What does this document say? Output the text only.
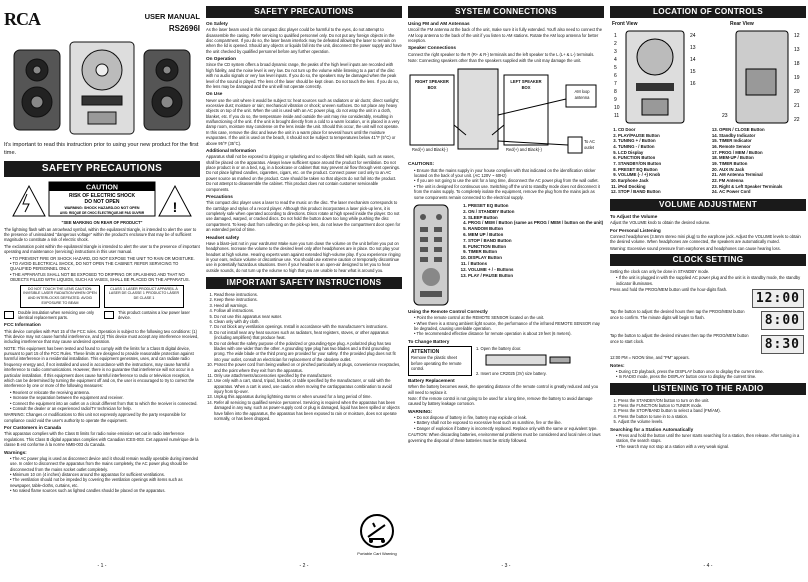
RCA	USER MANUAL
RS2696I

It's important to read this instruction prior to using your new product for the first time.

SAFETY PRECAUTIONS
!
CAUTION
RISK OF ELECTRIC SHOCK
DO NOT OPEN
WARNING: SHOCK HAZARD-DO NOT OPEN
AVIS: RISQUE DE CHOC ÉLECTRIQUE-NE PAS OUVRIR

"SEE MARKING ON REAR OF PRODUCT"

The lightning flash with an arrowhead symbol, within the equilateral triangle, is intended to alert the user to the presence of uninsulated "dangerous voltage" within the product's enclosure that may be of sufficient magnitude to constitute a risk of electric shock.

The exclamation point within the equilateral triangle is intended to alert the user to the presence of important operating and maintenance (servicing) instructions in this user manual.

• TO PREVENT FIRE OR SHOCK HAZARD, DO NOT EXPOSE THE UNIT TO RAIN OR MOISTURE.
• TO AVOID ELECTRICAL SHOCK, DO NOT OPEN THE CABINET. REFER SERVICING TO QUALIFIED PERSONNEL ONLY.
• THE APPARATUS SHALL NOT BE EXPOSED TO DRIPPING OR SPLASHING AND THAT NO OBJECTS FILLED WITH LIQUIDS, SUCH AS VASES, SHALL BE PLACED ON THE APPARATUS.
DO NOT TOUCH THE LENS CAUTION: INVISIBLE LASER RADIATION WHEN OPEN AND INTERLOCKS DEFEATED. AVOID EXPOSURE TO BEAM
CLASS 1 LASER PRODUCT APPAREIL À LASER DE CLASSE 1 PRODUCTO LÁSER DE CLASE 1
Double insulation when servicing use only identical replacement parts.
This product contains a low power laser device.
FCC Information

This device complies with Part 15 of the FCC rules. Operation is subject to the following two conditions: (1) This device may not cause harmful interference, and (2) This device must accept any interference received, including interference that may cause undesired operation.

NOTE: This equipment has been tested and found to comply with the limits for a Class B digital device, pursuant to part 15 of the FCC Rules. These limits are designed to provide reasonable protection against harmful interference in a residential installation. This equipment generates, uses, and can radiate radio frequency energy and, if not installed and used in accordance with the instructions, may cause harmful interference to radio communications. However, there is no guarantee that interference will not occur in a particular installation. If this equipment does cause harmful interference to radio or television reception, which can be determined by turning the equipment off and on, the user is encouraged to try to correct the interference by one or more of the following measures:

• Reorient or relocate the receiving antenna.
• Increase the separation between the equipment and receiver.
• Connect the equipment into an outlet on a circuit different from that to which the receiver is connected.
• Consult the dealer or an experienced radio/TV technician for help.

WARNING: Changes or modifications to this unit not expressly approved by the party responsible for compliance could void the user's authority to operate the equipment.

For Customers in Canada

This apparatus complies with the Class B limits for radio noise emission set out in radio interference regulations. This Class B digital apparatus complies with Canadian ICES-003. Cet appareil numérique de la classe B est conforme à la norme NMB-003 du Canada.

Warnings:
• The AC power plug is used as disconnect device and it should remain readily operable during intended use. In order to disconnect the apparatus from the mains completely, the AC power plug should be disconnected from the mains socket outlet completely.
• Minimum 10 cm (4 inches) distances around the apparatus for sufficient ventilations.
• The ventilation should not be impeded by covering the ventilation openings with items such as newspaper, table-cloths, curtains, etc.
• No naked flame sources such as lighted candles should be placed on the apparatus.
- 1 -
SAFETY PRECAUTIONS
On Safety

As the laser beam used in this compact disc player could be harmful to the eyes, do not attempt to disassemble the casing. Refer servicing to qualified personnel only. Do not put any foreign objects in the disc compartment. If you do so, the laser beam interlock may be defeated allowing the laser to remain on when the lid is opened. Should any objects or liquids fall into the unit, disconnect the power supply and have the unit checked by qualified personnel before any further operation.

On Operation

Since the CD system offers a broad dynamic range, the peaks of the high level inputs are recorded with high fidelity, and the noise level is very low. Do not turn up the volume while listening to a part of the disc with no audio signals or very low level inputs. If you do so, the speakers may be damaged when the peak level of the sound is played. The lens of the laser should be kept clean. Do not touch the lens. If you do so, the lens may be damaged and the unit will not operate correctly.

On Use

Never use the unit where it would be subject to: heat sources such as radiators or air ducts; direct sunlight; excessive dust; moisture or rain; mechanical vibration or shock; uneven surfaces. Do not place any heavy objects on top of the unit. When the unit is used with an AC power plug, do not wrap the unit in a cloth, blanket, etc. If you do so, the temperature inside and outside the unit may rise considerably, resulting in malfunctioning of the unit. If the unit is brought directly from a cold to a warm location, or is placed in a very damp room, moisture may condense on the lens inside the unit. Should this occur, the unit will not operate. In this case, remove the disc and leave the unit in a warm place for several hours until the moisture evaporates. If the unit is used on the beach, it should not be subject to temperatures below 41°F (5°C) or above 95°F (35°C).

Additional Information

Apparatus shall not be exposed to dripping or splashing and no objects filled with liquids, such as vases, shall be placed on the apparatus. Always leave sufficient space around the product for ventilation. Do not place product in or on a bed, rug, in a bookcase or cabinet that may prevent air flow through vent openings. Do not place lighted candles, cigarettes, cigars, etc. on the product. Connect power cord only to an AC power source as marked on the product. Care should be taken so that objects do not fall into the product. Do not attempt to disassemble the cabinet. This product does not contain customer serviceable components.

Precautions

This compact disc player uses a laser to read the music on the disc. The laser mechanism corresponds to the cartridge and stylus of a record player. Although this product incorporates a laser pick-up lens, it is completely safe when operated according to directions. Discs rotate at high speed inside the player. Do not use damaged, warped, or cracked discs. Do not hold the button down too long while pushing the disc compartment. To keep dust from collecting on the pick-up lens, do not leave the compartment door open for an extended period of time.

Headset safety

Have a blast–just not in your eardrums! Make sure you turn down the volume on the unit before you put on headphones. Increase the volume to the desired level only after headphones are in place. Do not play your headset at high volume. Hearing experts warn against extended high-volume play. If you experience ringing in your ears, reduce volume or discontinue use. You should use extreme caution or temporarily discontinue use in potentially hazardous situations. Even if your headset is an open-air designed to let you to hear outside sounds, do not turn up the volume so high that you are unable to hear what is around you.

IMPORTANT SAFETY INSTRUCTIONS
1. Read these instructions.
2. Keep these instructions.
3. Heed all warnings.
4. Follow all instructions.
5. Do not use this apparatus near water.
6. Clean only with dry cloth.
7. Do not block any ventilation openings. Install in accordance with the manufacturer's instructions.
8. Do not install near any heat sources such as radiators, heat registers, stoves, or other apparatus (including amplifiers) that produce heat.
9. Do not defeat the safety purpose of the polarized or grounding-type plug. A polarized plug has two blades with one wider than the other. A grounding type plug has two blades and a third grounding prong. The wide blade or the third prong are provided for your safety. If the provided plug does not fit into your outlet, consult an electrician for replacement of the obsolete outlet.
10. Protect the power cord from being walked on or pinched particularly at plugs, convenience receptacles, and the point where they exit from the apparatus.
11. Only use attachments/accessories specified by the manufacturer.
12. Use only with a cart, stand, tripod, bracket, or table specified by the manufacturer, or sold with the apparatus. When a cart is used, use caution when moving the cart/apparatus combination to avoid injury from tip-over.
13. Unplug this apparatus during lightning storms or when unused for a long period of time.
14. Refer all servicing to qualified service personnel. Servicing is required when the apparatus has been damaged in any way, such as power-supply cord or plug is damaged, liquid has been spilled or objects have fallen into the apparatus, the apparatus has been exposed to rain or moisture, does not operate normally, or has been dropped.
Portable Cart Warning
- 2 -
SYSTEM CONNECTIONS
Using FM and AM Antennas

Uncoil the FM antenna at the back of the unit, make sure it is fully extended. You'll also need to connect the AM loop antenna to the back of the unit if you listen to AM stations. Rotate the AM loop antenna for better reception.

Speaker Connections

Connect the right speaker to the R (R+ & R-) terminals and the left speaker to the L (L+ & L-) terminals.

Note: Connecting speakers other than the speakers supplied with the unit may damage the unit.

RIGHT SPEAKER BOX
LEFT SPEAKER BOX
AM loop antenna
To AC outlet
Red(+) and Black(-)	Red(+) and Black(-)
CAUTIONS:
• Ensure that the mains supply in your house complies with that indicated on the identification sticker located on the back of your unit. (AC 120V ~ 60Hz)
• If you are not going to use the unit for a long time, disconnect the AC power plug from the wall outlet.
• The unit is designed for continuous use. Switching off the unit to standby mode does not disconnect it from the mains supply. To completely isolate the equipment, remove the plug from the mains jack as some components remain connected to the electrical supply.
1. PRESET EQ Button
2. ON / STANDBY Button
3. SLEEP Button
4. PROG / MEM / Button (same as PROG / MEM / button on the unit)
5. RANDOM Button
6. MEM UP / Button
7. STOP / BAND Button
8. FUNCTION Button
9. TIMER Button
10. DISPLAY Button
11. / Buttons
12. VOLUME + / - Buttons
13. PLAY / PAUSE Button
Using the Remote Control Correctly
• Point the remote control at the REMOTE SENSOR located on the unit.
• When there is a strong ambient light source, the performance of the infrared REMOTE SENSOR may be degraded, causing unreliable operation.
• The recommended effective distance for remote operation is about 19 feet (6 meters).
To Change Battery
ATTENTION
Remove the plastic sheet before operating the remote control.
1. Open the battery door.
2. Insert one CR2025 (3V) size battery.
Battery Replacement

When the battery becomes weak, the operating distance of the remote control is greatly reduced and you will need to replace it.

Note: If the remote control is not going to be used for a long time, remove the battery to avoid damage caused by battery leakage corrosion.

WARNING:
• Do not dispose of battery in fire, battery may explode or leak.
• Battery shall not be exposed to excessive heat such as sunshine, fire or the like.
• Danger of explosion if battery is incorrectly replaced. Replace only with the same or equivalent type.

CAUTION: When discarding batteries, environmental problems must be considered and local rules or laws governing the disposal of these batteries must be strictly followed.

- 3 -
LOCATION OF CONTROLS
Front View	Rear View
1
2
3
4
5
6
7
8
9
10
11
24
13
14
15
16
12
13
18
19
20
21
22
23
1. CD Door
2. PLAY/PAUSE Button
3. TUNING + / Button
4. TUNING - / Button
5. LCD Display
6. FUNCTION Button
7. STANDBY/ON Button
8. PRESET EQ Button
9. VOLUME (- / +) Knob
10. Earphone Jack
11. iPod Docking
12. STOP / BAND Button
13. OPEN / CLOSE Button
14. Standby Indicator
15. TIMER Indicator
16. Remote Sensor
17. PROG / MEM / Button
18. MEM-UP / Button
19. TIMER Button
20. AUX IN Jack
21. AM Antenna Terminal
22. FM Antenna
23. Right & Left Speaker Terminals
24. AC Power Cord
VOLUME ADJUSTMENT
To Adjust the Volume

Adjust the VOLUME knob to obtain the desired volume.

For Personal Listening

Connect headphones (3.5mm stereo mini plug) to the earphone jack. Adjust the VOLUME levels to obtain the desired volume. When headphones are connected, the speakers are automatically muted.

Warning: Excessive sound pressure from earphones and headphones can cause hearing loss.

CLOCK SETTING

Setting the clock can only be done in STANDBY mode.

• If the unit is plugged in with the supplied AC power plug and the unit is in standby mode, the standby indicator illuminates.

Press and hold the PROG/MEM button until the hour-digits flash.

12:00

Tap the button to adjust the desired hours then tap the PROG/MEM button once to confirm. The minute digits will begin to flash.	8:00

Tap the button to adjust the desired minutes then tap the PROG/MEM button once to start clock.	8:30

12:00 PM = NOON time, and "PM" appears.

Notes:
• During CD playback, press the DISPLAY button once to display the current time.
• In RADIO mode, press the DISPLAY button once to display the current time.
LISTENING TO THE RADIO
1. Press the STANDBY/ON button to turn on the unit.
2. Press the FUNCTION button to TUNER mode.
3. Press the STOP/BAND button to select a band (FM/AM).
4. Press the button to tune in to a station.
5. Adjust the volume levels.
Searching for a Station Automatically
• Press and hold the button until the tuner starts searching for a station, then release. After tuning in a station, the search stops.
• The search may not stop at a station with a very weak signal.
- 4 -
